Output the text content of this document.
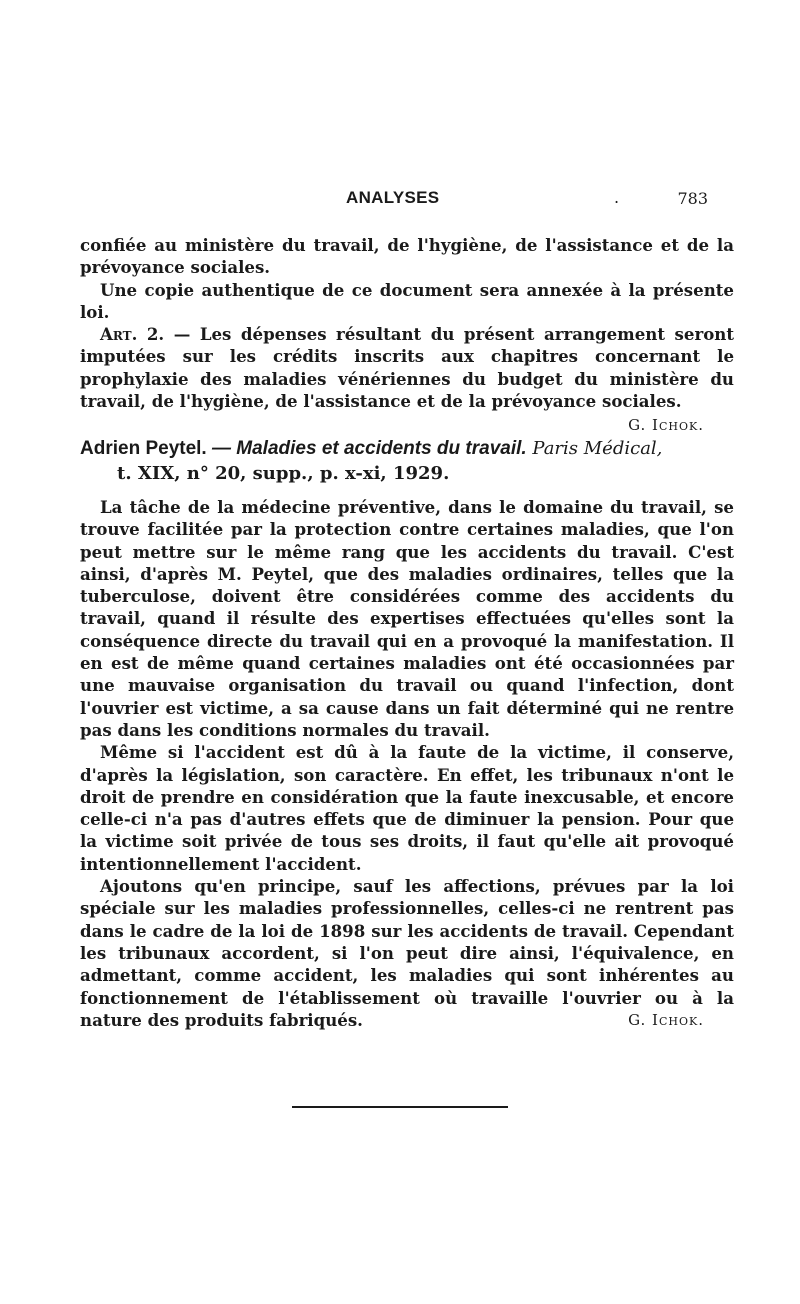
ANALYSES	.	783

confiée au ministère du travail, de l'hygiène, de l'assistance et de la prévoyance sociales.

Une copie authentique de ce document sera annexée à la présente loi.

Art. 2. — Les dépenses résultant du présent arrangement seront imputées sur les crédits inscrits aux chapitres concernant le prophylaxie des maladies vénériennes du budget du ministère du travail, de l'hygiène, de l'assistance et de la prévoyance sociales.

G. Ichok.

Adrien Peytel. — Maladies et accidents du travail. Paris Médical,
t. XIX, n° 20, supp., p. x-xi, 1929.

La tâche de la médecine préventive, dans le domaine du travail, se trouve facilitée par la protection contre certaines maladies, que l'on peut mettre sur le même rang que les accidents du travail. C'est ainsi, d'après M. Peytel, que des maladies ordinaires, telles que la tuberculose, doivent être considérées comme des accidents du travail, quand il résulte des expertises effectuées qu'elles sont la conséquence directe du travail qui en a provoqué la manifestation. Il en est de même quand certaines maladies ont été occasionnées par une mauvaise organisation du travail ou quand l'infection, dont l'ouvrier est victime, a sa cause dans un fait déterminé qui ne rentre pas dans les conditions normales du travail.

Même si l'accident est dû à la faute de la victime, il conserve, d'après la législation, son caractère. En effet, les tribunaux n'ont le droit de prendre en considération que la faute inexcusable, et encore celle-ci n'a pas d'autres effets que de diminuer la pension. Pour que la victime soit privée de tous ses droits, il faut qu'elle ait provoqué intentionnellement l'accident.

Ajoutons qu'en principe, sauf les affections, prévues par la loi spéciale sur les maladies professionnelles, celles-ci ne rentrent pas dans le cadre de la loi de 1898 sur les accidents de travail. Cependant les tribunaux accordent, si l'on peut dire ainsi, l'équivalence, en admettant, comme accident, les maladies qui sont inhérentes au fonctionnement de l'établissement où travaille l'ouvrier ou à la nature des produits fabriqués.	G. Ichok.
